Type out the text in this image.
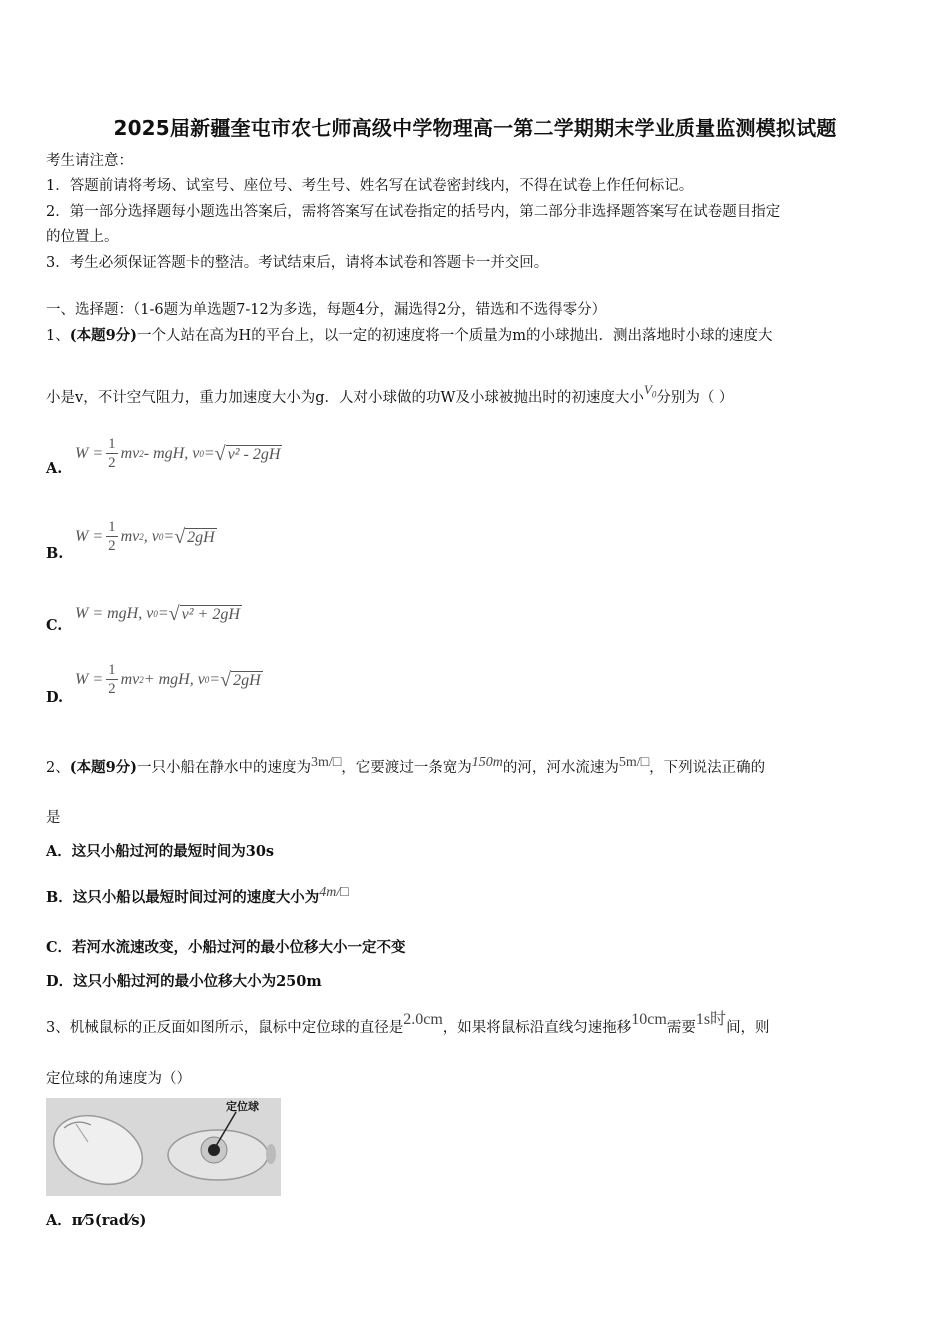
2025届新疆奎屯市农七师高级中学物理高一第二学期期末学业质量监测模拟试题
考生请注意：
1．答题前请将考场、试室号、座位号、考生号、姓名写在试卷密封线内，不得在试卷上作任何标记。
2．第一部分选择题每小题选出答案后，需将答案写在试卷指定的括号内，第二部分非选择题答案写在试卷题目指定
的位置上。
3．考生必须保证答题卡的整洁。考试结束后，请将本试卷和答题卡一并交回。
一、选择题：（1-6题为单选题7-12为多选，每题4分，漏选得2分，错选和不选得零分）
1、(本题9分)一个人站在高为H的平台上，以一定的初速度将一个质量为m的小球抛出．测出落地时小球的速度大
小是v，不计空气阻力，重力加速度大小为g．人对小球做的功W及小球被抛出时的初速度大小$V_0$分别为（ ）
A.
$W = \frac{1}{2}$ mv 2 - mgH, v 0 = √ v² - 2gH
B.
$W = \frac{1}{2}$ mv 2 , v 0 = √ 2gH
C.
W = mgH, v 0 = √ v² + 2gH
D.
$W = \frac{1}{2}$ mv 2 + mgH, v 0 = √ 2gH
2、(本题9分)一只小船在静水中的速度为3m/□，它要渡过一条宽为150m的河，河水流速为5m/□，下列说法正确的
是
A．这只小船过河的最短时间为30s
B．这只小船以最短时间过河的速度大小为4m/□
C．若河水流速改变，小船过河的最小位移大小一定不变
D．这只小船过河的最小位移大小为250m
3、机械鼠标的正反面如图所示，鼠标中定位球的直径是2.0cm，如果将鼠标沿直线匀速拖移10cm需要1s时间，则
定位球的角速度为（）
定位球
A．π⁄5(rad⁄s)
